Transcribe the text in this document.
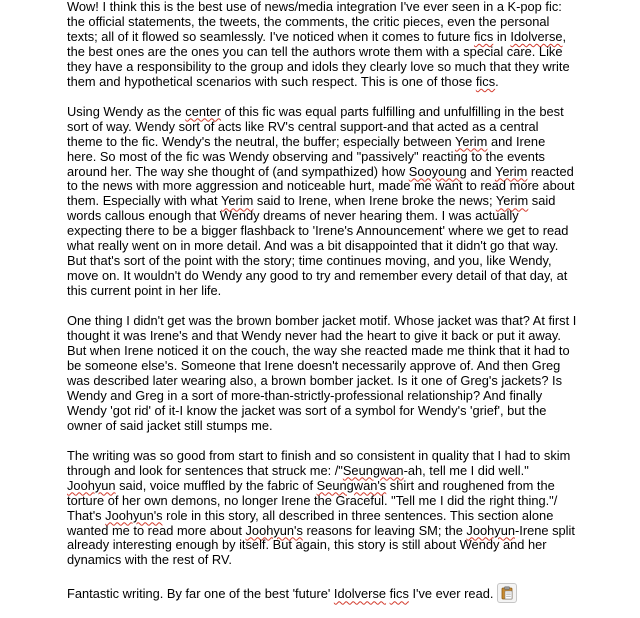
Wow! I think this is the best use of news/media integration I've ever seen in a K-pop fic: the official statements, the tweets, the comments, the critic pieces, even the personal texts; all of it flowed so seamlessly. I've noticed when it comes to future fics in Idolverse, the best ones are the ones you can tell the authors wrote them with a special care. Like they have a responsibility to the group and idols they clearly love so much that they write them and hypothetical scenarios with such respect. This is one of those fics.

Using Wendy as the center of this fic was equal parts fulfilling and unfulfilling in the best sort of way. Wendy sort of acts like RV's central support-and that acted as a central theme to the fic. Wendy's the neutral, the buffer; especially between Yerim and Irene here. So most of the fic was Wendy observing and "passively" reacting to the events around her. The way she thought of (and sympathized) how Sooyoung and Yerim reacted to the news with more aggression and noticeable hurt, made me want to read more about them. Especially with what Yerim said to Irene, when Irene broke the news; Yerim said words callous enough that Wendy dreams of never hearing them. I was actually expecting there to be a bigger flashback to 'Irene's Announcement' where we get to read what really went on in more detail. And was a bit disappointed that it didn't go that way. But that's sort of the point with the story; time continues moving, and you, like Wendy, move on. It wouldn't do Wendy any good to try and remember every detail of that day, at this current point in her life.

One thing I didn't get was the brown bomber jacket motif. Whose jacket was that? At first I thought it was Irene's and that Wendy never had the heart to give it back or put it away. But when Irene noticed it on the couch, the way she reacted made me think that it had to be someone else's. Someone that Irene doesn't necessarily approve of. And then Greg was described later wearing also, a brown bomber jacket. Is it one of Greg's jackets? Is Wendy and Greg in a sort of more-than-strictly-professional relationship? And finally Wendy 'got rid' of it-I know the jacket was sort of a symbol for Wendy's 'grief', but the owner of said jacket still stumps me.

The writing was so good from start to finish and so consistent in quality that I had to skim through and look for sentences that struck me: /"Seungwan-ah, tell me I did well." Joohyun said, voice muffled by the fabric of Seungwan's shirt and roughened from the torture of her own demons, no longer Irene the Graceful. "Tell me I did the right thing."/ That's Joohyun's role in this story, all described in three sentences. This section alone wanted me to read more about Joohyun's reasons for leaving SM; the Joohyun-Irene split already interesting enough by itself. But again, this story is still about Wendy and her dynamics with the rest of RV.

Fantastic writing. By far one of the best 'future' Idolverse fics I've ever read.
